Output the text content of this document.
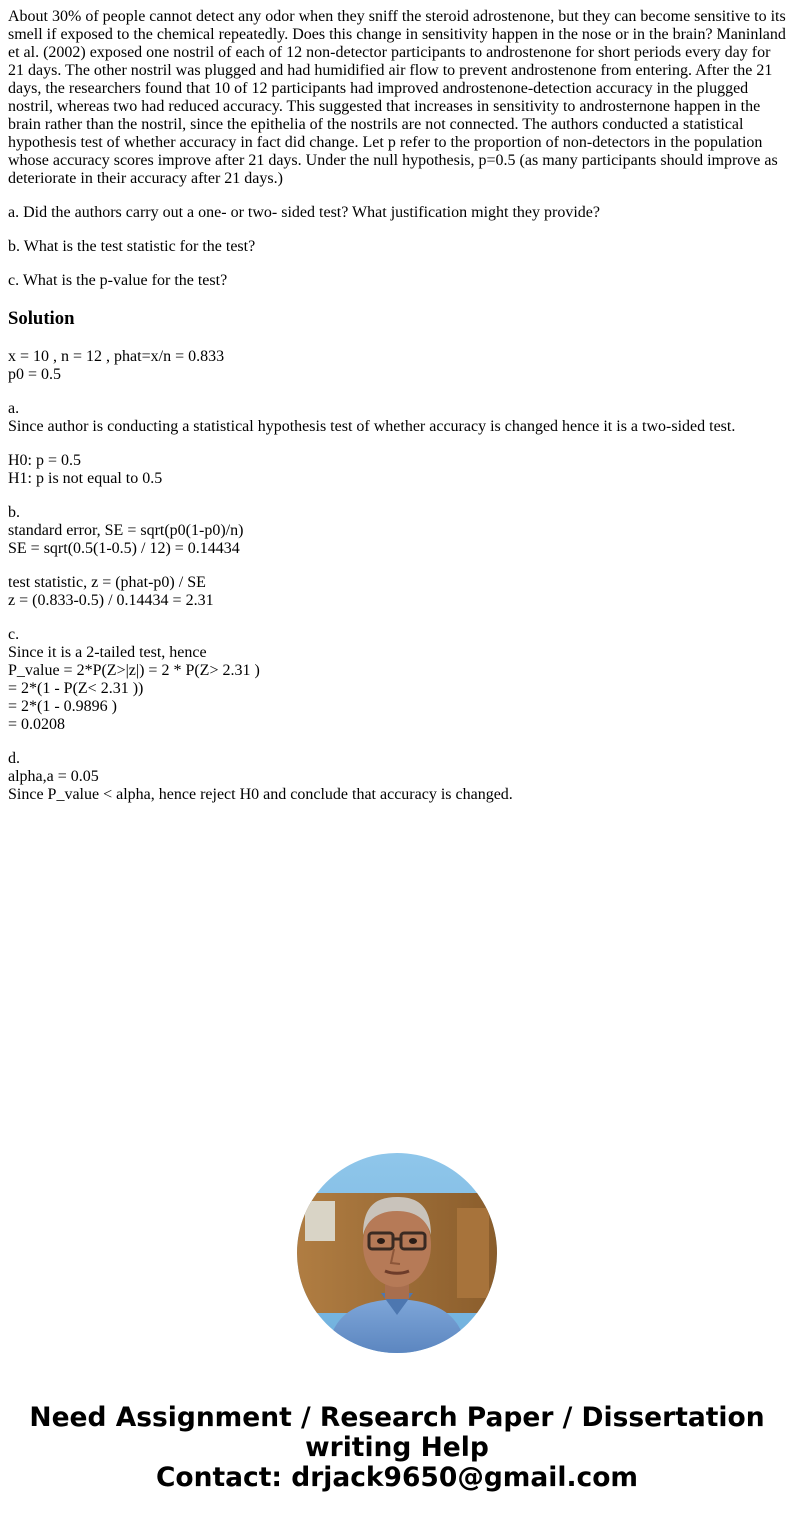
About 30% of people cannot detect any odor when they sniff the steroid adrostenone, but they can become sensitive to its smell if exposed to the chemical repeatedly. Does this change in sensitivity happen in the nose or in the brain? Maninland et al. (2002) exposed one nostril of each of 12 non-detector participants to androstenone for short periods every day for 21 days. The other nostril was plugged and had humidified air flow to prevent androstenone from entering. After the 21 days, the researchers found that 10 of 12 participants had improved androstenone-detection accuracy in the plugged nostril, whereas two had reduced accuracy. This suggested that increases in sensitivity to androsternone happen in the brain rather than the nostril, since the epithelia of the nostrils are not connected. The authors conducted a statistical hypothesis test of whether accuracy in fact did change. Let p refer to the proportion of non-detectors in the population whose accuracy scores improve after 21 days. Under the null hypothesis, p=0.5 (as many participants should improve as deteriorate in their accuracy after 21 days.)

a. Did the authors carry out a one- or two- sided test? What justification might they provide?

b. What is the test statistic for the test?

c. What is the p-value for the test?

Solution

x = 10 , n = 12 , phat=x/n = 0.833
p0 = 0.5

a.
Since author is conducting a statistical hypothesis test of whether accuracy is changed hence it is a two-sided test.

H0: p = 0.5
H1: p is not equal to 0.5

b.
standard error, SE = sqrt(p0(1-p0)/n)
SE = sqrt(0.5(1-0.5) / 12) = 0.14434

test statistic, z = (phat-p0) / SE
z = (0.833-0.5) / 0.14434 = 2.31

c.
Since it is a 2-tailed test, hence
P_value = 2*P(Z>|z|) = 2 * P(Z> 2.31 )
= 2*(1 - P(Z< 2.31 ))
= 2*(1 - 0.9896 )
= 0.0208

d.
alpha,a = 0.05
Since P_value < alpha, hence reject H0 and conclude that accuracy is changed.

Need Assignment / Research Paper / Dissertation
writing Help
Contact: drjack9650@gmail.com
